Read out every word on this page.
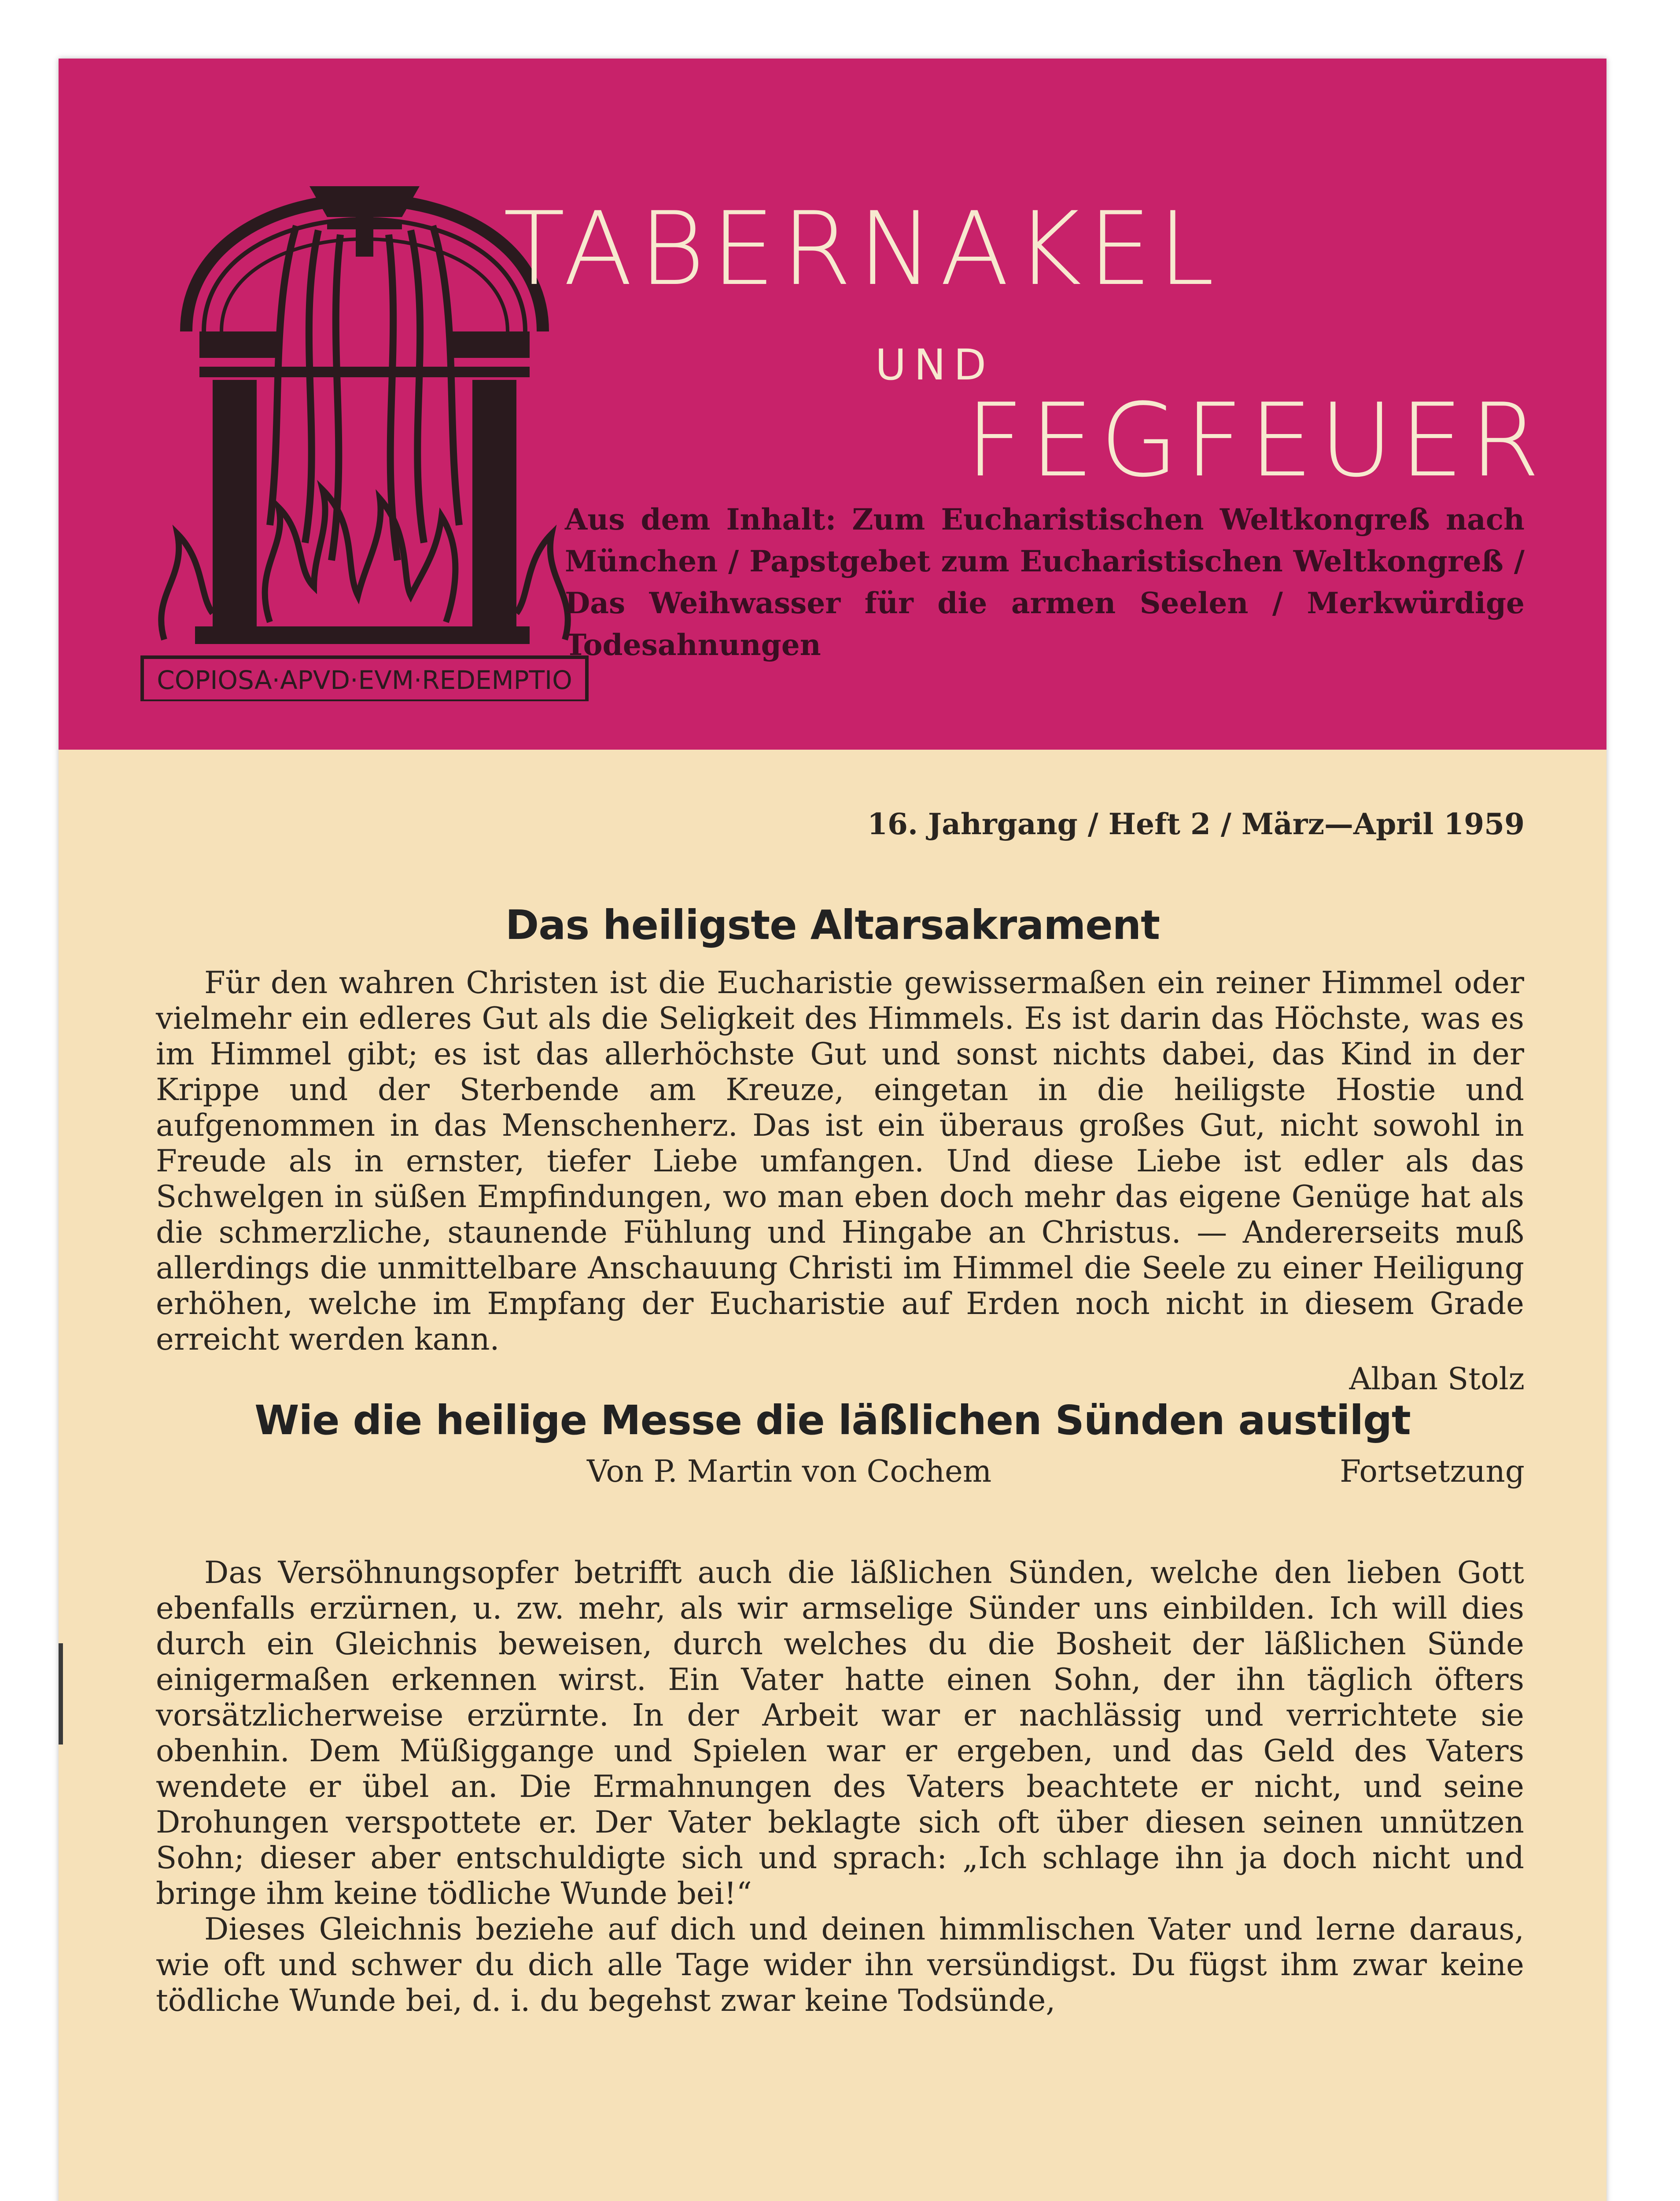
COPIOSA·APVD·EVM·REDEMPTIO
TABERNAKEL
UND
FEGFEUER
Aus dem Inhalt: Zum Eucharistischen Weltkongreß nach München / Papstgebet zum Eucharistischen Weltkongreß / Das Weihwasser für die armen Seelen / Merkwürdige Todesahnungen
16. Jahrgang / Heft 2 / März—April 1959
Das heiligste Altarsakrament

Für den wahren Christen ist die Eucharistie gewissermaßen ein reiner Himmel oder vielmehr ein edleres Gut als die Seligkeit des Himmels. Es ist darin das Höchste, was es im Himmel gibt; es ist das allerhöchste Gut und sonst nichts dabei, das Kind in der Krippe und der Sterbende am Kreuze, eingetan in die heiligste Hostie und aufgenommen in das Menschenherz. Das ist ein überaus großes Gut, nicht sowohl in Freude als in ernster, tiefer Liebe umfangen. Und diese Liebe ist edler als das Schwelgen in süßen Empfindungen, wo man eben doch mehr das eigene Genüge hat als die schmerzliche, staunende Fühlung und Hingabe an Christus. — Andererseits muß allerdings die unmittelbare Anschauung Christi im Himmel die Seele zu einer Heiligung erhöhen, welche im Empfang der Eucharistie auf Erden noch nicht in diesem Grade erreicht werden kann.

Alban Stolz
Wie die heilige Messe die läßlichen Sünden austilgt
Von P. Martin von Cochem	Fortsetzung

Das Versöhnungsopfer betrifft auch die läßlichen Sünden, welche den lieben Gott ebenfalls erzürnen, u. zw. mehr, als wir armselige Sünder uns einbilden. Ich will dies durch ein Gleichnis beweisen, durch welches du die Bosheit der läßlichen Sünde einigermaßen erkennen wirst. Ein Vater hatte einen Sohn, der ihn täglich öfters vorsätzlicherweise erzürnte. In der Arbeit war er nachlässig und verrichtete sie obenhin. Dem Müßiggange und Spielen war er ergeben, und das Geld des Vaters wendete er übel an. Die Ermahnungen des Vaters beachtete er nicht, und seine Drohungen verspottete er. Der Vater beklagte sich oft über diesen seinen unnützen Sohn; dieser aber entschuldigte sich und sprach: „Ich schlage ihn ja doch nicht und bringe ihm keine tödliche Wunde bei!“

Dieses Gleichnis beziehe auf dich und deinen himmlischen Vater und lerne daraus, wie oft und schwer du dich alle Tage wider ihn versündigst. Du fügst ihm zwar keine tödliche Wunde bei, d. i. du begehst zwar keine Todsünde,
